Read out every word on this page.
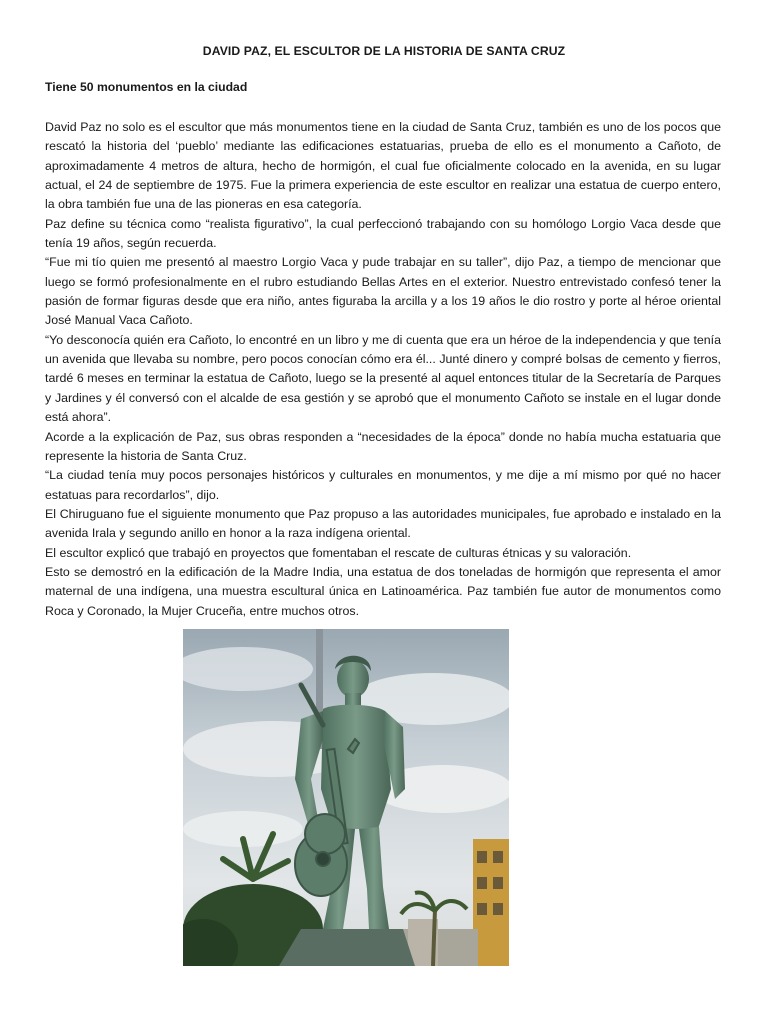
DAVID PAZ, EL ESCULTOR DE LA HISTORIA DE SANTA CRUZ
Tiene 50 monumentos en la ciudad

David Paz no solo es el escultor que más monumentos tiene en la ciudad de Santa Cruz, también es uno de los pocos que rescató la historia del ‘pueblo’ mediante las edificaciones estatuarias, prueba de ello es el monumento a Cañoto, de aproximadamente 4 metros de altura, hecho de hormigón, el cual fue oficialmente colocado en la avenida, en su lugar actual, el 24 de septiembre de 1975. Fue la primera experiencia de este escultor en realizar una estatua de cuerpo entero, la obra también fue una de las pioneras en esa categoría.

Paz define su técnica como “realista figurativo”, la cual perfeccionó trabajando con su homólogo Lorgio Vaca desde que tenía 19 años, según recuerda.

“Fue mi tío quien me presentó al maestro Lorgio Vaca y pude trabajar en su taller”, dijo Paz, a tiempo de mencionar que luego se formó profesionalmente en el rubro estudiando Bellas Artes en el exterior. Nuestro entrevistado confesó tener la pasión de formar figuras desde que era niño, antes figuraba la arcilla y a los 19 años le dio rostro y porte al héroe oriental José Manual Vaca Cañoto.

“Yo desconocía quién era Cañoto, lo encontré en un libro y me di cuenta que era un héroe de la independencia y que tenía un avenida que llevaba su nombre, pero pocos conocían cómo era él... Junté dinero y compré bolsas de cemento y fierros, tardé 6 meses en terminar la estatua de Cañoto, luego se la presenté al aquel entonces titular de la Secretaría de Parques y Jardines y él conversó con el alcalde de esa gestión y se aprobó que el monumento Cañoto se instale en el lugar donde está ahora”.

Acorde a la explicación de Paz, sus obras responden a “necesidades de la época” donde no había mucha estatuaria que represente la historia de Santa Cruz.

“La ciudad tenía muy pocos personajes históricos y culturales en monumentos, y me dije a mí mismo por qué no hacer estatuas para recordarlos”, dijo.

El Chiruguano fue el siguiente monumento que Paz propuso a las autoridades municipales, fue aprobado e instalado en la avenida Irala y segundo anillo en honor a la raza indígena oriental.

El escultor explicó que trabajó en proyectos que fomentaban el rescate de culturas étnicas y su valoración.

Esto se demostró en la edificación de la Madre India, una estatua de dos toneladas de hormigón que representa el amor maternal de una indígena, una muestra escultural única en Latinoamérica. Paz también fue autor de monumentos como Roca y Coronado, la Mujer Cruceña, entre muchos otros.
